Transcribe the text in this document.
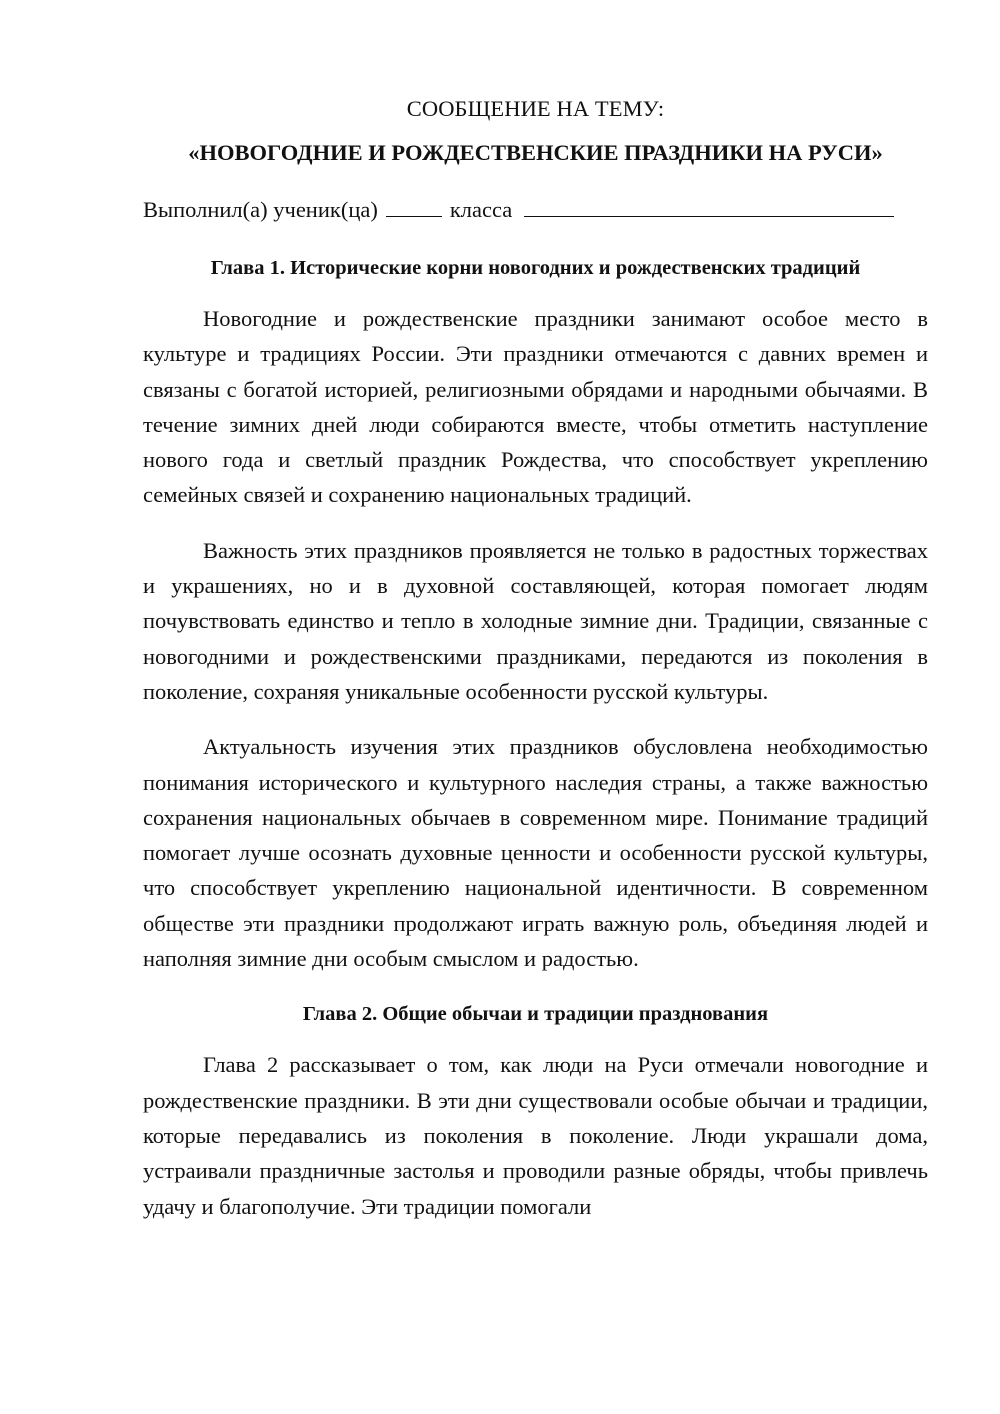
СООБЩЕНИЕ НА ТЕМУ:

«НОВОГОДНИЕ И РОЖДЕСТВЕНСКИЕ ПРАЗДНИКИ НА РУСИ»

Выполнил(а) ученик(ца)	класса
Глава 1. Исторические корни новогодних и рождественских традиций

Новогодние и рождественские праздники занимают особое место в культуре и традициях России. Эти праздники отмечаются с давних времен и связаны с богатой историей, религиозными обрядами и народными обычаями. В течение зимних дней люди собираются вместе, чтобы отметить наступление нового года и светлый праздник Рождества, что способствует укреплению семейных связей и сохранению национальных традиций.

Важность этих праздников проявляется не только в радостных торжествах и украшениях, но и в духовной составляющей, которая помогает людям почувствовать единство и тепло в холодные зимние дни. Традиции, связанные с новогодними и рождественскими праздниками, передаются из поколения в поколение, сохраняя уникальные особенности русской культуры.

Актуальность изучения этих праздников обусловлена необходимостью понимания исторического и культурного наследия страны, а также важностью сохранения национальных обычаев в современном мире. Понимание традиций помогает лучше осознать духовные ценности и особенности русской культуры, что способствует укреплению национальной идентичности. В современном обществе эти праздники продолжают играть важную роль, объединяя людей и наполняя зимние дни особым смыслом и радостью.

Глава 2. Общие обычаи и традиции празднования

Глава 2 рассказывает о том, как люди на Руси отмечали новогодние и рождественские праздники. В эти дни существовали особые обычаи и традиции, которые передавались из поколения в поколение. Люди украшали дома, устраивали праздничные застолья и проводили разные обряды, чтобы привлечь удачу и благополучие. Эти традиции помогали
